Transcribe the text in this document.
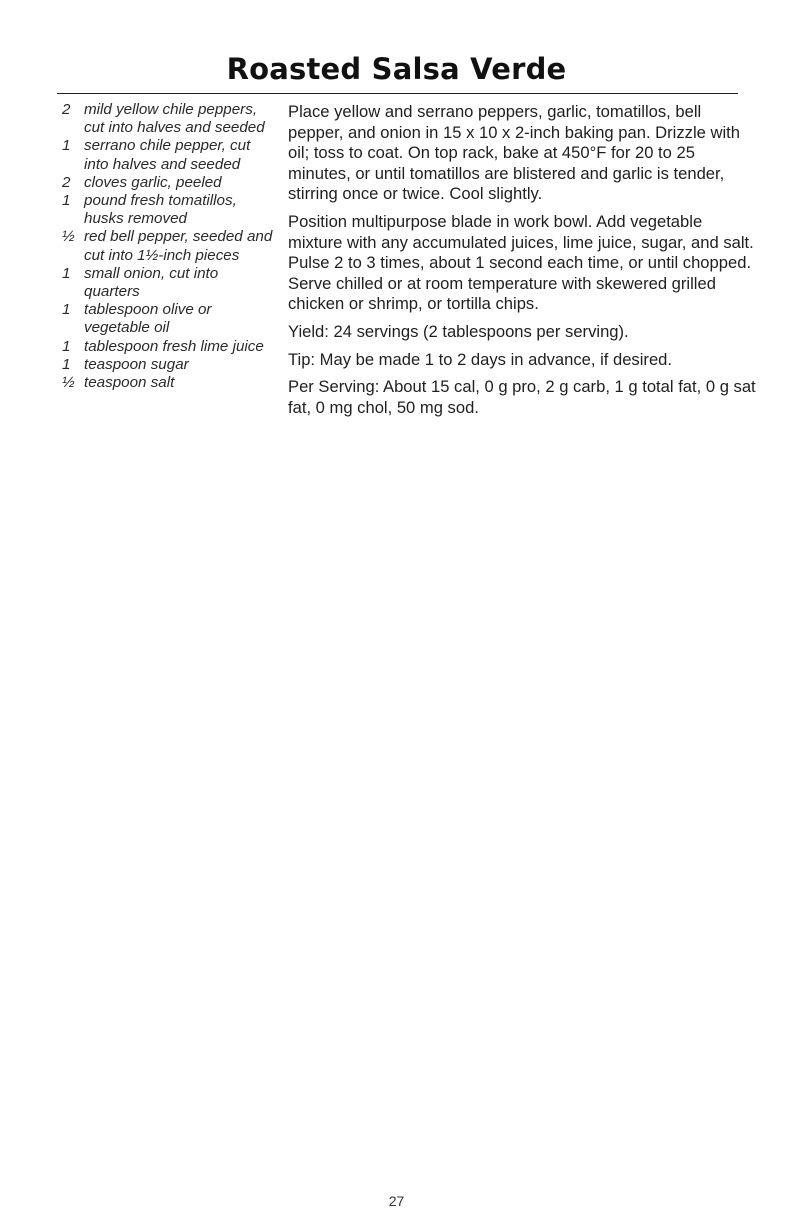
Roasted Salsa Verde
2 mild yellow chile peppers, cut into halves and seeded
1 serrano chile pepper, cut into halves and seeded
2 cloves garlic, peeled
1 pound fresh tomatillos, husks removed
½ red bell pepper, seeded and cut into 1½-inch pieces
1 small onion, cut into quarters
1 tablespoon olive or vegetable oil
1 tablespoon fresh lime juice
1 teaspoon sugar
½ teaspoon salt

Place yellow and serrano peppers, garlic, tomatillos, bell pepper, and onion in 15 x 10 x 2-inch baking pan. Drizzle with oil; toss to coat. On top rack, bake at 450°F for 20 to 25 minutes, or until tomatillos are blistered and garlic is tender, stirring once or twice. Cool slightly.

Position multipurpose blade in work bowl. Add vegetable mixture with any accumulated juices, lime juice, sugar, and salt. Pulse 2 to 3 times, about 1 second each time, or until chopped. Serve chilled or at room temperature with skewered grilled chicken or shrimp, or tortilla chips.

Yield: 24 servings (2 tablespoons per serving).

Tip: May be made 1 to 2 days in advance, if desired.

Per Serving: About 15 cal, 0 g pro, 2 g carb, 1 g total fat, 0 g sat fat, 0 mg chol, 50 mg sod.

27
